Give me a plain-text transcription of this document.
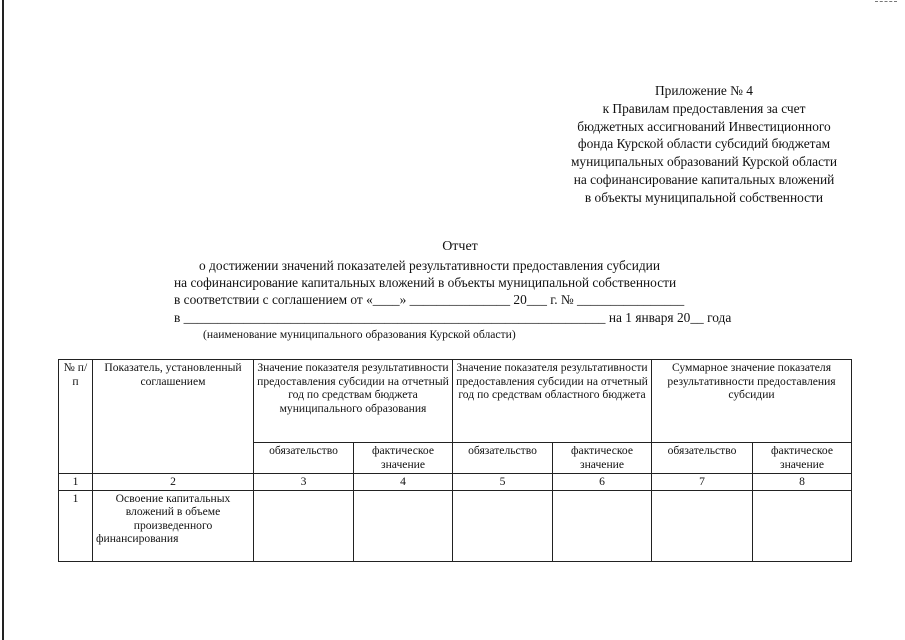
Приложение № 4
к Правилам предоставления за счет
бюджетных ассигнований Инвестиционного
фонда Курской области субсидий бюджетам
муниципальных образований Курской области
на софинансирование капитальных вложений
в объекты муниципальной собственности
Отчет
о достижении значений показателей результативности предоставления субсидии
на софинансирование капитальных вложений в объекты муниципальной собственности
в соответствии с соглашением от «____» _______________ 20___ г. № ________________
в _______________________________________________________________ на 1 января 20__ года
(наименование муниципального образования Курской области)
№ п/п	Показатель, установленный соглашением	Значение показателя результативности предоставления субсидии на отчетный год по средствам бюджета муниципального образования		Значение показателя результативности предоставления субсидии на отчетный год по средствам областного бюджета		Суммарное значение показателя результативности предоставления субсидии	
		обязательство	фактическое значение	обязательство	фактическое значение	обязательство	фактическое значение
1	2	3	4	5	6	7	8
1	Освоение капитальных вложений в объеме произведенного финансирования						
